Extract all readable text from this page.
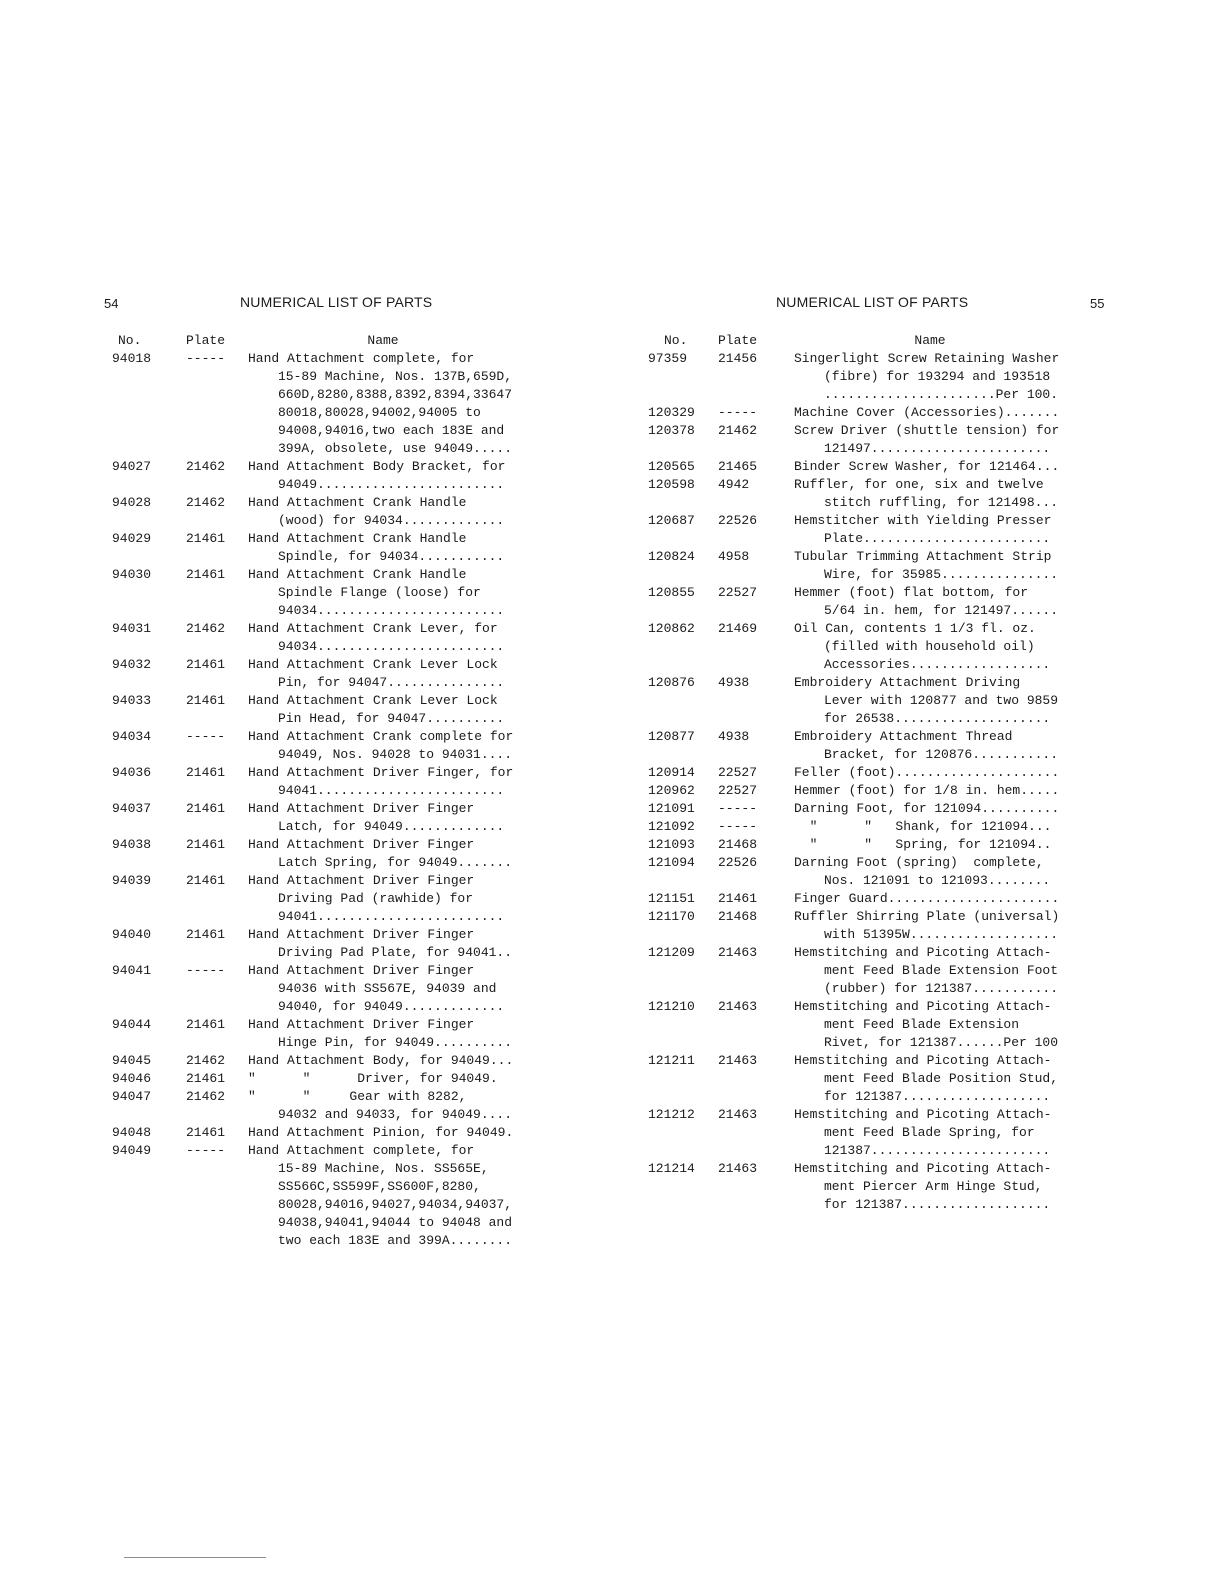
54	NUMERICAL LIST OF PARTS
No.	Plate	Name
94018	-----	Hand Attachment complete, for
15-89 Machine, Nos. 137B,659D,
660D,8280,8388,8392,8394,33647
80018,80028,94002,94005 to
94008,94016,two each 183E and
399A, obsolete, use 94049.....
94027	21462	Hand Attachment Body Bracket, for
94049........................
94028	21462	Hand Attachment Crank Handle
(wood) for 94034.............
94029	21461	Hand Attachment Crank Handle
Spindle, for 94034...........
94030	21461	Hand Attachment Crank Handle
Spindle Flange (loose) for
94034........................
94031	21462	Hand Attachment Crank Lever, for
94034........................
94032	21461	Hand Attachment Crank Lever Lock
Pin, for 94047...............
94033	21461	Hand Attachment Crank Lever Lock
Pin Head, for 94047..........
94034	-----	Hand Attachment Crank complete for
94049, Nos. 94028 to 94031....
94036	21461	Hand Attachment Driver Finger, for
94041........................
94037	21461	Hand Attachment Driver Finger
Latch, for 94049.............
94038	21461	Hand Attachment Driver Finger
Latch Spring, for 94049.......
94039	21461	Hand Attachment Driver Finger
Driving Pad (rawhide) for
94041........................
94040	21461	Hand Attachment Driver Finger
Driving Pad Plate, for 94041..
94041	-----	Hand Attachment Driver Finger
94036 with SS567E, 94039 and
94040, for 94049.............
94044	21461	Hand Attachment Driver Finger
Hinge Pin, for 94049..........
94045	21462	Hand Attachment Body, for 94049...
94046	21461	"      "      Driver, for 94049.
94047	21462	"      "     Gear with 8282,
94032 and 94033, for 94049....
94048	21461	Hand Attachment Pinion, for 94049.
94049	-----	Hand Attachment complete, for
15-89 Machine, Nos. SS565E,
SS566C,SS599F,SS600F,8280,
80028,94016,94027,94034,94037,
94038,94041,94044 to 94048 and
two each 183E and 399A........
NUMERICAL LIST OF PARTS	55
No.	Plate	Name
97359	21456	Singerlight Screw Retaining Washer
(fibre) for 193294 and 193518
......................Per 100.
120329	-----	Machine Cover (Accessories).......
120378	21462	Screw Driver (shuttle tension) for
121497.......................
120565	21465	Binder Screw Washer, for 121464...
120598	4942	Ruffler, for one, six and twelve
stitch ruffling, for 121498...
120687	22526	Hemstitcher with Yielding Presser
Plate........................
120824	4958	Tubular Trimming Attachment Strip
Wire, for 35985...............
120855	22527	Hemmer (foot) flat bottom, for
5/64 in. hem, for 121497......
120862	21469	Oil Can, contents 1 1/3 fl. oz.
(filled with household oil)
Accessories..................
120876	4938	Embroidery Attachment Driving
Lever with 120877 and two 9859
for 26538....................
120877	4938	Embroidery Attachment Thread
Bracket, for 120876...........
120914	22527	Feller (foot).....................
120962	22527	Hemmer (foot) for 1/8 in. hem.....
121091	-----	Darning Foot, for 121094..........
121092	-----	"      "   Shank, for 121094...
121093	21468	"      "   Spring, for 121094..
121094	22526	Darning Foot (spring)  complete,
Nos. 121091 to 121093........
121151	21461	Finger Guard......................
121170	21468	Ruffler Shirring Plate (universal)
with 51395W...................
121209	21463	Hemstitching and Picoting Attach-
ment Feed Blade Extension Foot
(rubber) for 121387...........
121210	21463	Hemstitching and Picoting Attach-
ment Feed Blade Extension
Rivet, for 121387......Per 100
121211	21463	Hemstitching and Picoting Attach-
ment Feed Blade Position Stud,
for 121387...................
121212	21463	Hemstitching and Picoting Attach-
ment Feed Blade Spring, for
121387.......................
121214	21463	Hemstitching and Picoting Attach-
ment Piercer Arm Hinge Stud,
for 121387...................
